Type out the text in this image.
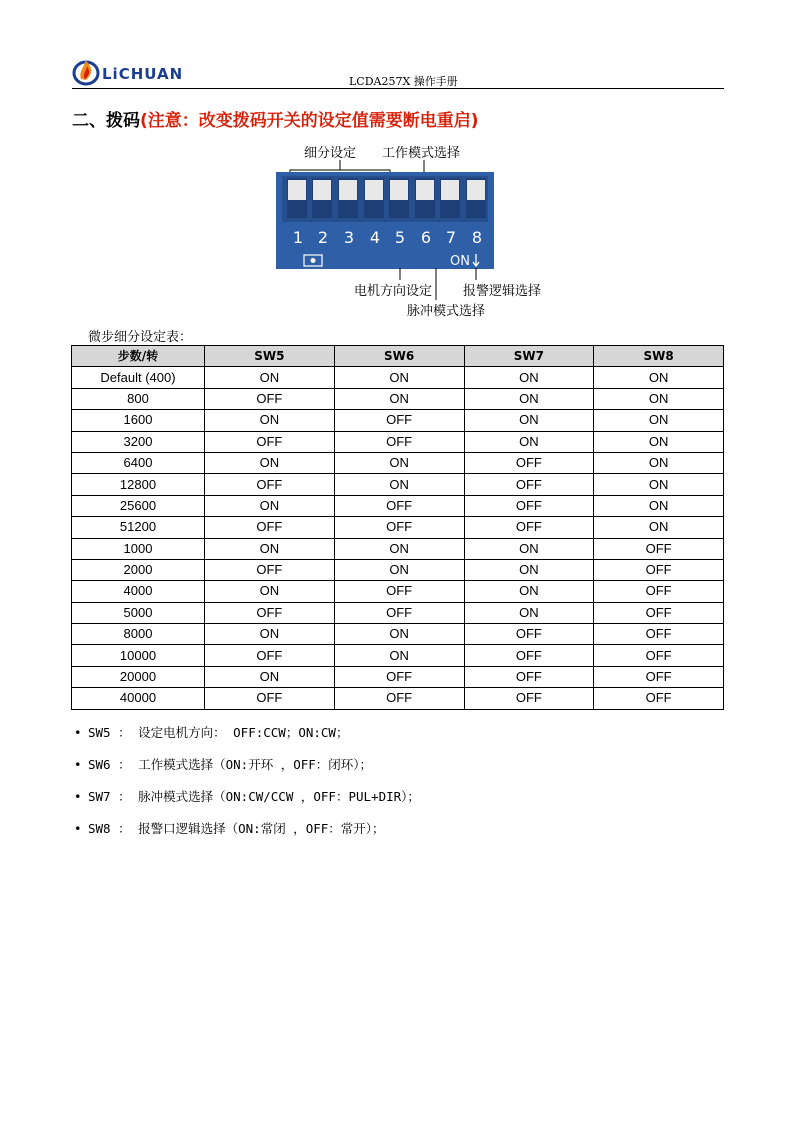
LiCHUAN	LCDA257X 操作手册
二、拨码(注意：改变拨码开关的设定值需要断电重启)
细分设定 工作模式选择
1 2 3 4 5 6 7 8
ON
电机方向设定 报警逻辑选择
脉冲模式选择
微步细分设定表：
步数/转	SW5	SW6	SW7	SW8
Default (400)	ON	ON	ON	ON
800	OFF	ON	ON	ON
1600	ON	OFF	ON	ON
3200	OFF	OFF	ON	ON
6400	ON	ON	OFF	ON
12800	OFF	ON	OFF	ON
25600	ON	OFF	OFF	ON
51200	OFF	OFF	OFF	ON
1000	ON	ON	ON	OFF
2000	OFF	ON	ON	OFF
4000	ON	OFF	ON	OFF
5000	OFF	OFF	ON	OFF
8000	ON	ON	OFF	OFF
10000	OFF	ON	OFF	OFF
20000	ON	OFF	OFF	OFF
40000	OFF	OFF	OFF	OFF
• SW5 ： 设定电机方向： OFF:CCW；ON:CW；
• SW6 ： 工作模式选择（ON:开环 ，OFF：闭环）；
• SW7 ： 脉冲模式选择（ON:CW/CCW ，OFF：PUL+DIR）；
• SW8 ： 报警口逻辑选择（ON:常闭 ，OFF：常开）；
